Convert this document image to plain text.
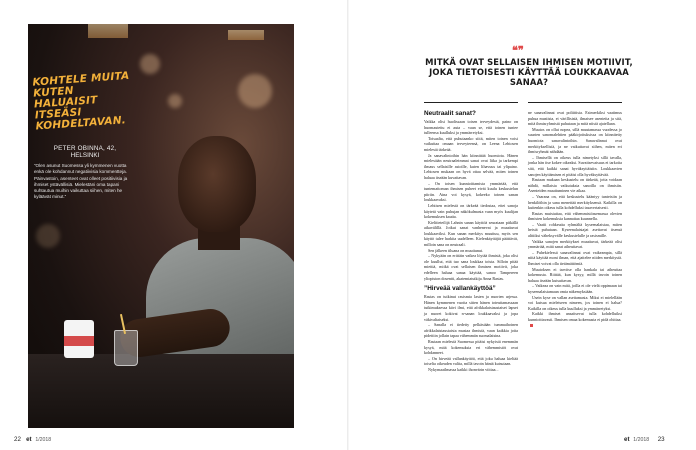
KOHTELE MUITA KUTEN HALUAISIT ITSEÄSI KOHDELTAVAN.
PETER OBINNA, 42,
HELSINKI
”Olen asunut Suomessa yli kymmenen vuotta enkä ole kohdannut negatiivisia kommentteja. Päinvastoin, asenteet ovat olleet positiivisia ja ihmiset ystävällisiä. Mielestäni oma tapani suhtautua muihin vaikuttaa siihen, miten he kyläävät minut.”
22 et 1/2018
❝❞
MITKÄ OVAT SELLAISEN IHMISEN MOTIIVIT, JOKA TIETOISESTI KÄYTTÄÄ LOUKKAAVAA SANAA?
Neutraalit sanat?

Vaikka olisi huolissaan toisen terveydestä, paino on huomautettu ei auta – vaan se, että toinen tuntee tulleensa kuulluksi ja ymmärretyksi.

Toisaalta, että puhutaanko siitä, miten toinen voisi vaikuttaa omaan terveyteensä, on Leena Lehtosen mielestä tärkeää.

Ja sanavalintoihin hän kiinnittää huomiota. Hänen mielestään neutraaleimmat sanat ovat liika ja tarkempi ilmaus sellaisille asioille, kuten lihavuus tai ylipaino. Lehtosen mukaan on hyvä ottaa selvää, miten toinen haluaa itseään kuvattavan.

– On toisen kunnioittamista ymmärtää, että tuntemattoman ihmisen puheet eivät kuulu keskustelun piiriin. Aina voi kysyä, kokeeko toinen sanan loukkaavaksi.

Lehtisen mielestä on tärkeää tiedostaa, ettei sanoja käytetä vain puhujan näkökulmasta vaan myös kuulijan kokemuksen kautta.

Kielitieteilijä Lahnin sanan käyttöä seurataan pitkällä aikavälillä. Jotkut sanat vanhenevat ja muuttuvat loukkaaviksi. Kun sanan merkitys muuttuu, myös sen käyttö tulee harkita uudelleen. Kielenkäyttäjät päättävät, milloin sana on neutraali.

Sen jälkeen tiluana on muuttunut.

– Nykyään on erittäin vaikea löytää ihmistä, joka olisi ole kuullut, että tuo sana loukkaa toista. Silloin pitää miettiä, mitkä ovat sellaisen ihmisen motiivit, joka edelleen haluaa sanaa käyttää, sanoo Tampereen yliopiston dosentti, akatemiatutkija Anna Rastas.

”Hirveää vallankäyttöä”

Rastas on tutkinut rasismia lasten ja nuorten arjessa. Hänen kymmenen vuotta sitten hänen toteuttamassaan tutkimuksessa kävi ilmi, että afrikkalaistaustaiset lapset ja nuoret kokivat n-sanan loukkaavaksi ja jopa väkivaltaiseksi.

– Sanalla ei tiedetty pelkästään tummaihoinen afrikkalaistaustaista mustaa ihmistä, vaan kaikkia joita pidettiin jollain tapaa vähemmän suomalaisina.

Rastaan mielestä Suomessa pitäisi nykyistä enemmän kysyä, mitä kokemuksia eri vähemmistöt ovat kohdanneet.

– On hirveää vallankäyttöä, että joku haluaa kieltää toiselta oikeuden valita, millä tavoin häntä kutsutaan.

Nykymaailmassa kaikki ihonvärin viittaa...

ne sanavalinnat ovat poliittisia. Esimerkiksi vaatimus puhua mustista, ei värillisistä, ilmaisee asenteita ja sitä, mitä ihmisryhmistä puhutaan ja mitä niistä ajatellaan.

Muutos on ollut nopea, sillä muutamassa vuodessa jo suurten sanomalehtien pääkirjoituksissa on kiinnitetty huomiota sanavalintoihin. Sanavalinnat ovat merkityksellisiä, ja ne vaikuttavat siihen, miten eri ihmisryhmät nähdään.

– Ihmisellä on oikeus tulla nimetyksi sillä tavalla, jonka hän itse kokee oikeaksi. Suvaitsevaisuus ei tarkoita sitä, että kaikki sanat hyväksyttäisiin. Loukkaavien sanojen käyttämisen ei pitäisi olla hyväksyttävää.

Rastaan mukaan keskustelu on tärkeää, jotta voidaan nähdä, millaisia vaikutuksia sanoilla on ihmisiin. Asenteiden muuttuminen vie aikaa.

– Vaarana on, että keskustelu kääntyy tunteisiin ja henkilöihin ja sana menettää merkityksensä. Kaikilla on kuitenkin oikeus tulla kohdelluksi tasavertaisesti.

Rastas muistuttaa, että vähemmistöasemassa olevien ihmisten kokemuksia kannattaa kuunnella.

– Vaatii rohkeutta ryhmältä kyseenalaistaa, miten heistä puhutaan. Kyseenalaistajat asettavat itsensä alttiiksi väheksyvälle keskustelulle ja rasismille.

Vaikka sanojen merkitykset muuttuvat, tärkeää olisi ymmärtää, mitä sanat aiheuttavat.

– Puhekielessä sanavalinnat ovat vaikeampia, sillä niitä käyttää moni ilman, että ajattelee niiden merkitystä. Ihmiset voivat olla tietämättömiä.

Muutoksen ei tarvitse olla hankala tai aiheuttaa kokemusta. Riittää, kun kysyy, millä tavoin toinen haluaa itseään kutsuttavan.

– Vaikeaa on vain mitä, joilla ei ole vielä oppimaan tai kyseenalaistamaan omia näkemyksiään.

Usein kyse on vallan asettamasta. Miksi ei mielellään voi kutsua mieleiseen nimeen, jos toinen ei halua? Kaikilla on oikeus tulla kuulluksi ja ymmärretyksi.

Kaikki ihmiset ansaitsevat tulla kohdelluiksi kunnioittavasti. Ihmisen omaa kokemusta ei pidä ohittaa.

et 1/2018 23
